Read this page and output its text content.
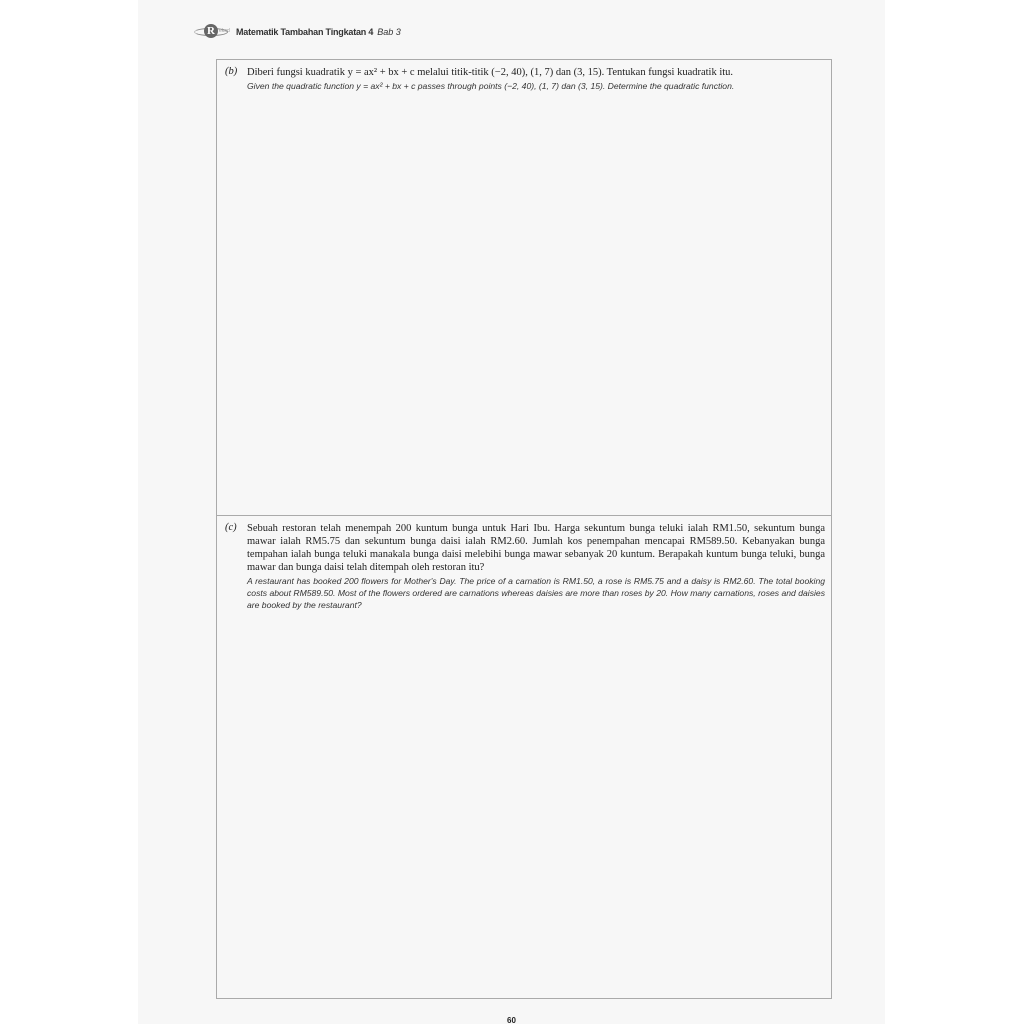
R ekod Matematik Tambahan Tingkatan 4 Bab 3
(b) Diberi fungsi kuadratik y = ax² + bx + c melalui titik-titik (−2, 40), (1, 7) dan (3, 15). Tentukan fungsi kuadratik itu.
Given the quadratic function y = ax² + bx + c passes through points (−2, 40), (1, 7) dan (3, 15). Determine the quadratic function.
(c) Sebuah restoran telah menempah 200 kuntum bunga untuk Hari Ibu. Harga sekuntum bunga teluki ialah RM1.50, sekuntum bunga mawar ialah RM5.75 dan sekuntum bunga daisi ialah RM2.60. Jumlah kos penempahan mencapai RM589.50. Kebanyakan bunga tempahan ialah bunga teluki manakala bunga daisi melebihi bunga mawar sebanyak 20 kuntum. Berapakah kuntum bunga teluki, bunga mawar dan bunga daisi telah ditempah oleh restoran itu?
A restaurant has booked 200 flowers for Mother's Day. The price of a carnation is RM1.50, a rose is RM5.75 and a daisy is RM2.60. The total booking costs about RM589.50. Most of the flowers ordered are carnations whereas daisies are more than roses by 20. How many carnations, roses and daisies are booked by the restaurant?
60
